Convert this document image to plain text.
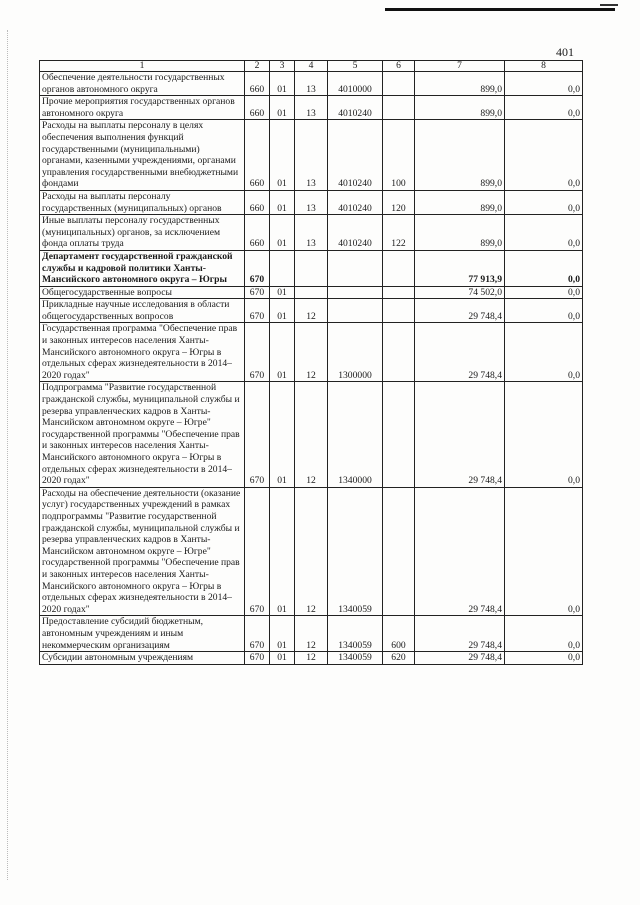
401
1	2	3	4	5	6	7	8
Обеспечение деятельности государственных органов автономного округа	660	01	13	4010000		899,0	0,0
Прочие мероприятия государственных органов автономного округа	660	01	13	4010240		899,0	0,0
Расходы на выплаты персоналу в целях обеспечения выполнения функций государственными (муниципальными) органами, казенными учреждениями, органами управления государственными внебюджетными фондами	660	01	13	4010240	100	899,0	0,0
Расходы на выплаты персоналу государственных (муниципальных) органов	660	01	13	4010240	120	899,0	0,0
Иные выплаты персоналу государственных (муниципальных) органов, за исключением фонда оплаты труда	660	01	13	4010240	122	899,0	0,0
Департамент государственной гражданской службы и кадровой политики Ханты-Мансийского автономного округа – Югры	670					77 913,9	0,0
Общегосударственные вопросы	670	01				74 502,0	0,0
Прикладные научные исследования в области общегосударственных вопросов	670	01	12			29 748,4	0,0
Государственная программа "Обеспечение прав и законных интересов населения Ханты-Мансийского автономного округа – Югры в отдельных сферах жизнедеятельности в 2014–2020 годах"	670	01	12	1300000		29 748,4	0,0
Подпрограмма "Развитие государственной гражданской службы, муниципальной службы и резерва управленческих кадров в Ханты-Мансийском автономном округе – Югре" государственной программы "Обеспечение прав и законных интересов населения Ханты-Мансийского автономного округа – Югры в отдельных сферах жизнедеятельности в 2014–2020 годах"	670	01	12	1340000		29 748,4	0,0
Расходы на обеспечение деятельности (оказание услуг) государственных учреждений в рамках подпрограммы "Развитие государственной гражданской службы, муниципальной службы и резерва управленческих кадров в Ханты-Мансийском автономном округе – Югре" государственной программы "Обеспечение прав и законных интересов населения Ханты-Мансийского автономного округа – Югры в отдельных сферах жизнедеятельности в 2014–2020 годах"	670	01	12	1340059		29 748,4	0,0
Предоставление субсидий бюджетным, автономным учреждениям и иным некоммерческим организациям	670	01	12	1340059	600	29 748,4	0,0
Субсидии автономным учреждениям	670	01	12	1340059	620	29 748,4	0,0
